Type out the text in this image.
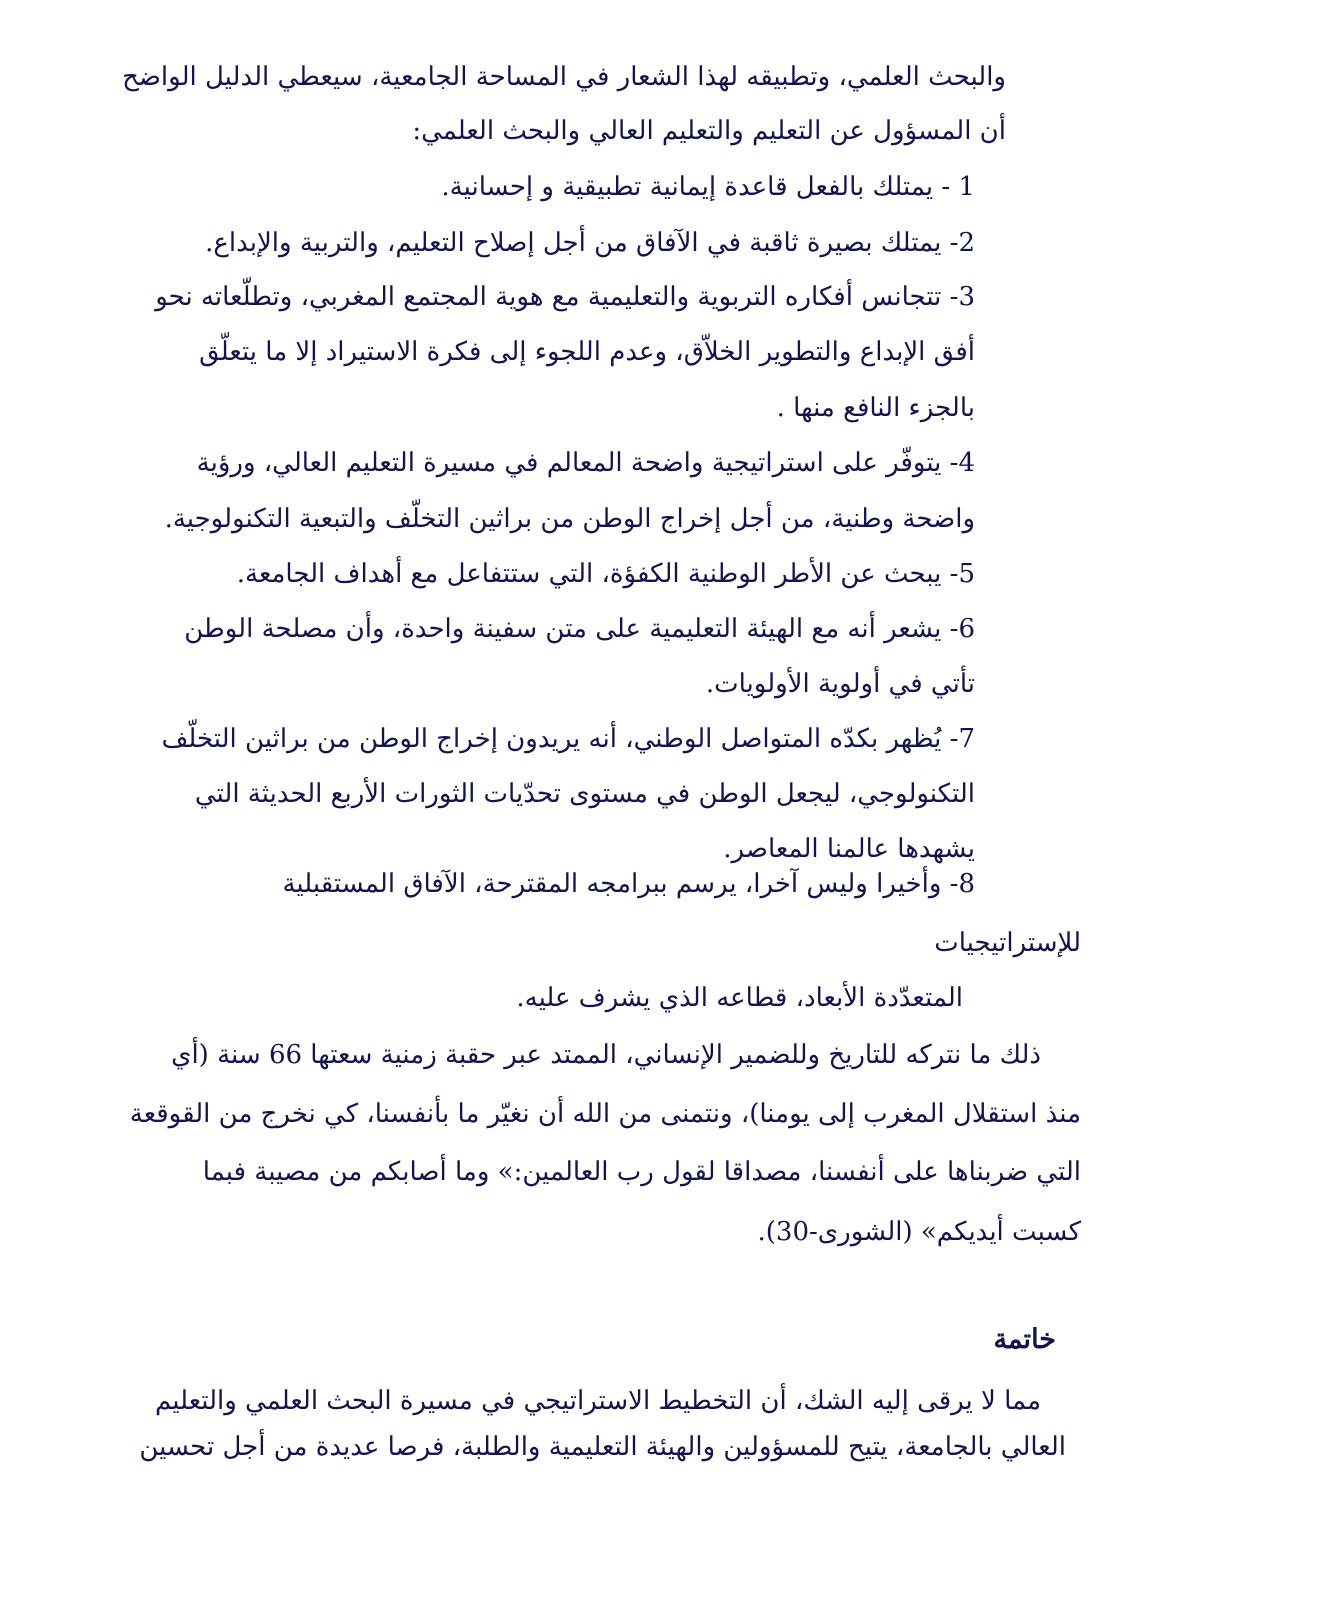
والبحث العلمي، وتطبيقه لهذا الشعار في المساحة الجامعية، سيعطي الدليل الواضح
أن المسؤول عن التعليم والتعليم العالي والبحث العلمي:
1 - يمتلك بالفعل قاعدة إيمانية تطبيقية و إحسانية.
2- يمتلك بصيرة ثاقبة في الآفاق من أجل إصلاح التعليم، والتربية والإبداع.
3- تتجانس أفكاره التربوية والتعليمية مع هوية المجتمع المغربي، وتطلّعاته نحو
أفق الإبداع والتطوير الخلاّق، وعدم اللجوء إلى فكرة الاستيراد إلا ما يتعلّق
بالجزء النافع منها .
4- يتوفّر على استراتيجية واضحة المعالم في مسيرة التعليم العالي، ورؤية
واضحة وطنية، من أجل إخراج الوطن من براثين التخلّف والتبعية التكنولوجية.
5- يبحث عن الأطر الوطنية الكفؤة، التي ستتفاعل مع أهداف الجامعة.
6- يشعر أنه مع الهيئة التعليمية على متن سفينة واحدة، وأن مصلحة الوطن
تأتي في أولوية الأولويات.
7- يُظهر بكدّه المتواصل الوطني، أنه يريدون إخراج الوطن من براثين التخلّف
التكنولوجي، ليجعل الوطن في مستوى تحدّيات الثورات الأربع الحديثة التي
يشهدها عالمنا المعاصر.
8- وأخيرا وليس آخرا، يرسم ببرامجه المقترحة، الآفاق المستقبلية
للإستراتيجيات
المتعدّدة الأبعاد، قطاعه الذي يشرف عليه.
ذلك ما نتركه للتاريخ وللضمير الإنساني، الممتد عبر حقبة زمنية سعتها 66 سنة (أي
منذ استقلال المغرب إلى يومنا)، ونتمنى من الله أن نغيّر ما بأنفسنا، كي نخرج من القوقعة
التي ضربناها على أنفسنا، مصداقا لقول رب العالمين:» وما أصابكم من مصيبة فبما
كسبت أيديكم» (الشورى-30).
خاتمة
مما لا يرقى إليه الشك، أن التخطيط الاستراتيجي في مسيرة البحث العلمي والتعليم
العالي بالجامعة، يتيح للمسؤولين والهيئة التعليمية والطلبة، فرصا عديدة من أجل تحسين
